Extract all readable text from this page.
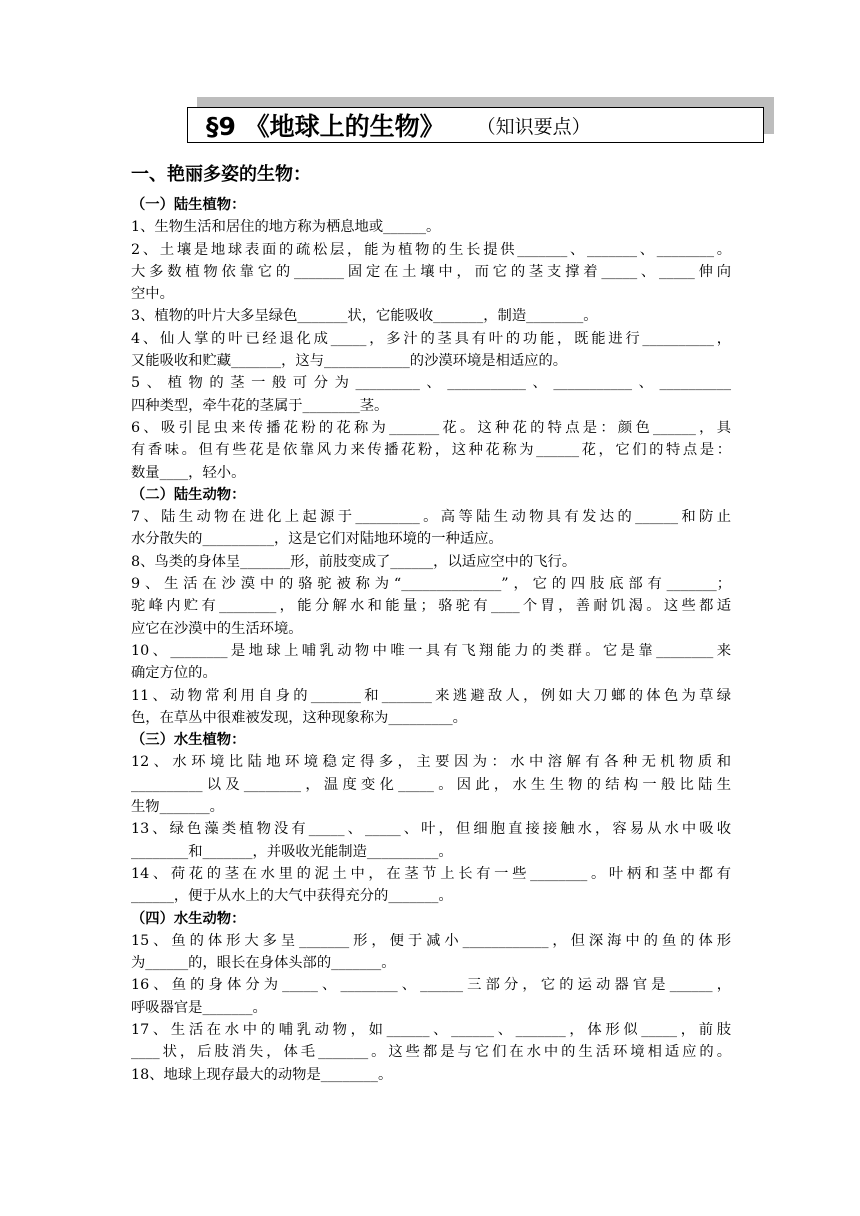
§9 《地球上的生物》 （知识要点）
一、艳丽多姿的生物：
（一）陆生植物：
1、生物生活和居住的地方称为栖息地或______。
2、土壤是地球表面的疏松层，能为植物的生长提供_______、_______、________。
大多数植物依靠它的_______固定在土壤中，而它的茎支撑着_____、_____伸向
空中。
3、植物的叶片大多呈绿色_______状，它能吸收_______，制造________。
4、仙人掌的叶已经退化成_____，多汁的茎具有叶的功能，既能进行__________，
又能吸收和贮藏_______，这与____________的沙漠环境是相适应的。
5、植物的茎一般可分为_________、___________、___________、__________
四种类型，牵牛花的茎属于________茎。
6、吸引昆虫来传播花粉的花称为_______花。这种花的特点是：颜色______，具
有香味。但有些花是依靠风力来传播花粉，这种花称为______花，它们的特点是：
数量____，轻小。
（二）陆生动物：
7、陆生动物在进化上起源于_________。高等陆生动物具有发达的______和防止
水分散失的__________，这是它们对陆地环境的一种适应。
8、鸟类的身体呈_______形，前肢变成了______，以适应空中的飞行。
9、生活在沙漠中的骆驼被称为“______________”，它的四肢底部有_______；
驼峰内贮有________，能分解水和能量；骆驼有____个胃，善耐饥渴。这些都适
应它在沙漠中的生活环境。
10、________是地球上哺乳动物中唯一具有飞翔能力的类群。它是靠________来
确定方位的。
11、动物常利用自身的_______和_______来逃避敌人，例如大刀螂的体色为草绿
色，在草丛中很难被发现，这种现象称为_________。
（三）水生植物：
12、水环境比陆地环境稳定得多，主要因为：水中溶解有各种无机物质和
__________以及________，温度变化_____。因此，水生生物的结构一般比陆生
生物_______。
13、绿色藻类植物没有_____、_____、叶，但细胞直接接触水，容易从水中吸收
________和_______，并吸收光能制造__________。
14、荷花的茎在水里的泥土中，在茎节上长有一些________。叶柄和茎中都有
______，便于从水上的大气中获得充分的_______。
（四）水生动物：
15、鱼的体形大多呈_______形，便于减小____________，但深海中的鱼的体形
为______的，眼长在身体头部的_______。
16、鱼的身体分为_____、________、______三部分，它的运动器官是______，
呼吸器官是_______。
17、生活在水中的哺乳动物，如______、______、_______，体形似_____，前肢
____状，后肢消失，体毛_______。这些都是与它们在水中的生活环境相适应的。
18、地球上现存最大的动物是________。
